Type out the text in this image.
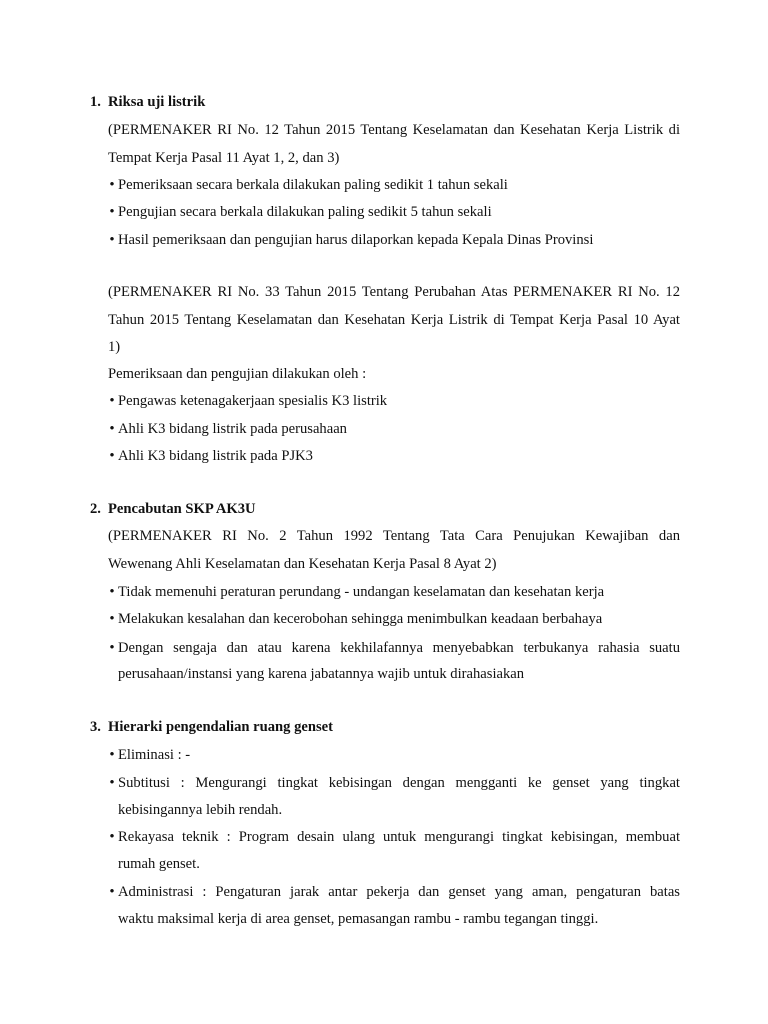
1. Riksa uji listrik
(PERMENAKER RI No. 12 Tahun 2015 Tentang Keselamatan dan Kesehatan Kerja Listrik di
Tempat Kerja Pasal 11 Ayat 1, 2, dan 3)
• Pemeriksaan secara berkala dilakukan paling sedikit 1 tahun sekali
• Pengujian secara berkala dilakukan paling sedikit 5 tahun sekali
• Hasil pemeriksaan dan pengujian harus dilaporkan kepada Kepala Dinas Provinsi
(PERMENAKER RI No. 33 Tahun 2015 Tentang Perubahan Atas PERMENAKER RI No. 12
Tahun 2015 Tentang Keselamatan dan Kesehatan Kerja Listrik di Tempat Kerja Pasal 10 Ayat
1)
Pemeriksaan dan pengujian dilakukan oleh :
• Pengawas ketenagakerjaan spesialis K3 listrik
• Ahli K3 bidang listrik pada perusahaan
• Ahli K3 bidang listrik pada PJK3
2. Pencabutan SKP AK3U
(PERMENAKER RI No. 2 Tahun 1992 Tentang Tata Cara Penujukan Kewajiban dan
Wewenang Ahli Keselamatan dan Kesehatan Kerja Pasal 8 Ayat 2)
• Tidak memenuhi peraturan perundang - undangan keselamatan dan kesehatan kerja
• Melakukan kesalahan dan kecerobohan sehingga menimbulkan keadaan berbahaya
• Dengan sengaja dan atau karena kekhilafannya menyebabkan terbukanya rahasia suatu
perusahaan/instansi yang karena jabatannya wajib untuk dirahasiakan
3. Hierarki pengendalian ruang genset
• Eliminasi : -
• Subtitusi : Mengurangi tingkat kebisingan dengan mengganti ke genset yang tingkat
kebisingannya lebih rendah.
• Rekayasa teknik : Program desain ulang untuk mengurangi tingkat kebisingan, membuat
rumah genset.
• Administrasi : Pengaturan jarak antar pekerja dan genset yang aman, pengaturan batas
waktu maksimal kerja di area genset, pemasangan rambu - rambu tegangan tinggi.
